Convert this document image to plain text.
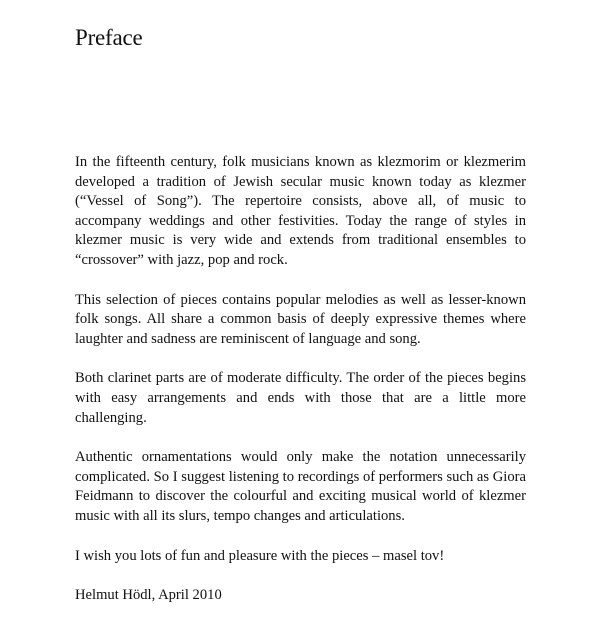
Preface

In the fifteenth century, folk musicians known as klezmorim or klezmerim developed a tradition of Jewish secular music known today as klezmer (“Vessel of Song”). The repertoire consists, above all, of music to accompany weddings and other festivities. Today the range of styles in klezmer music is very wide and extends from traditional ensembles to “crossover” with jazz, pop and rock.

This selection of pieces contains popular melodies as well as lesser-known folk songs. All share a common basis of deeply expressive themes where laughter and sadness are reminiscent of language and song.

Both clarinet parts are of moderate difficulty. The order of the pieces begins with easy arrangements and ends with those that are a little more challenging.

Authentic ornamentations would only make the notation unnecessarily complicated. So I suggest listening to recordings of performers such as Giora Feidmann to discover the colourful and exciting musical world of klezmer music with all its slurs, tempo changes and articulations.

I wish you lots of fun and pleasure with the pieces – masel tov!

Helmut Hödl, April 2010
